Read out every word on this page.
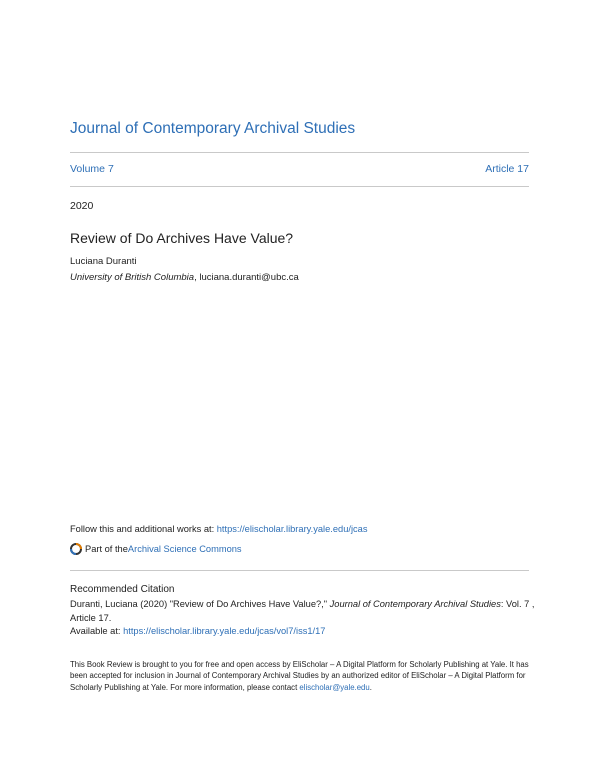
Journal of Contemporary Archival Studies
Volume 7	Article 17
2020
Review of Do Archives Have Value?
Luciana Duranti
University of British Columbia, luciana.duranti@ubc.ca
Follow this and additional works at: https://elischolar.library.yale.edu/jcas
Part of the Archival Science Commons
Recommended Citation
Duranti, Luciana (2020) "Review of Do Archives Have Value?," Journal of Contemporary Archival Studies: Vol. 7 , Article 17.
Available at: https://elischolar.library.yale.edu/jcas/vol7/iss1/17
This Book Review is brought to you for free and open access by EliScholar – A Digital Platform for Scholarly Publishing at Yale. It has been accepted for inclusion in Journal of Contemporary Archival Studies by an authorized editor of EliScholar – A Digital Platform for Scholarly Publishing at Yale. For more information, please contact elischolar@yale.edu.
